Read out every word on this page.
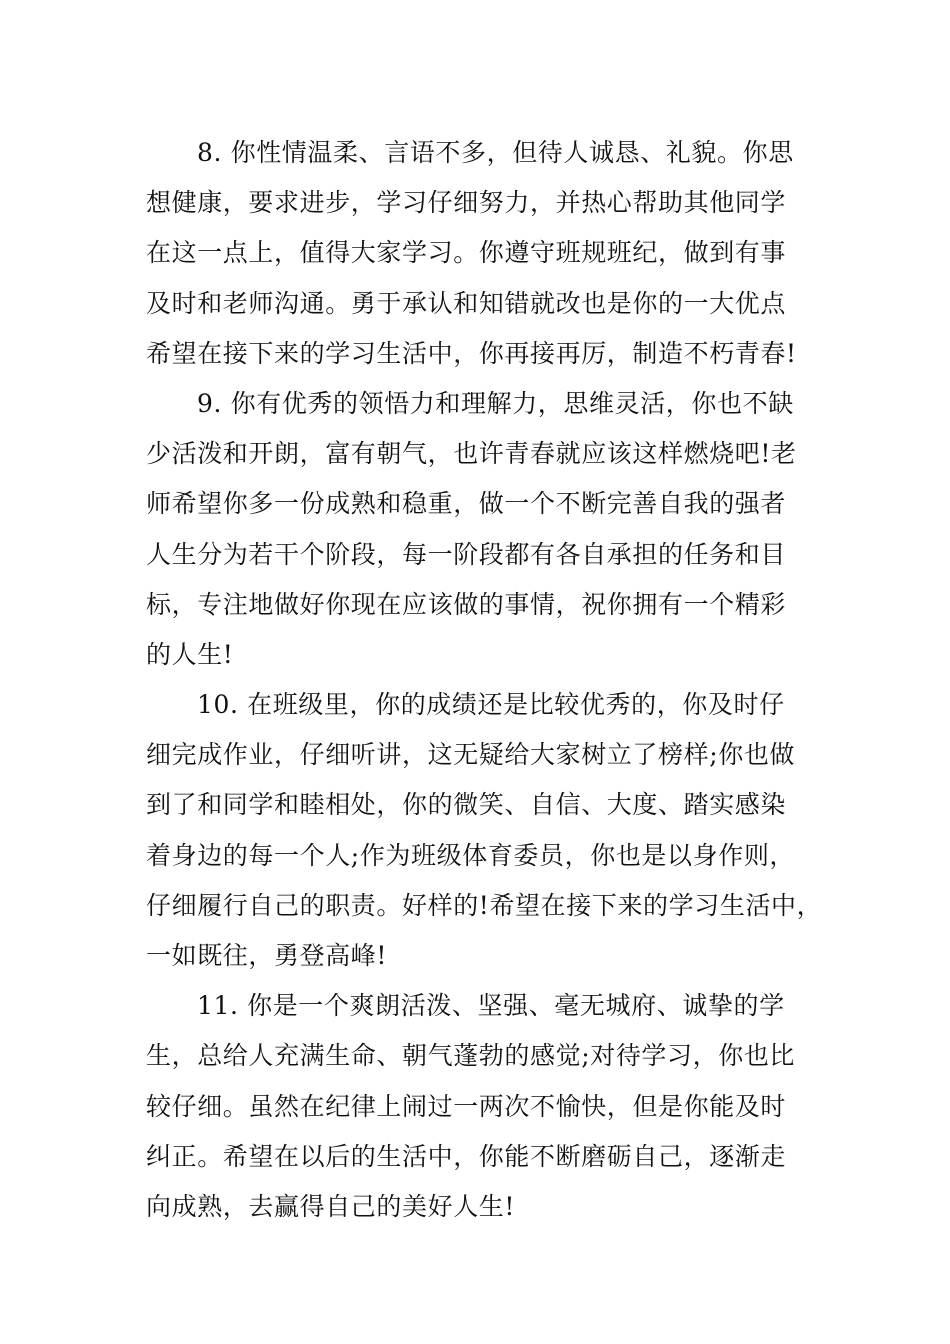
8. 你性情温柔、言语不多，但待人诚恳、礼貌。你思
想健康，要求进步，学习仔细努力，并热心帮助其他同学
在这一点上，值得大家学习。你遵守班规班纪，做到有事
及时和老师沟通。勇于承认和知错就改也是你的一大优点
希望在接下来的学习生活中，你再接再厉，制造不朽青春!
9. 你有优秀的领悟力和理解力，思维灵活，你也不缺
少活泼和开朗，富有朝气，也许青春就应该这样燃烧吧!老
师希望你多一份成熟和稳重，做一个不断完善自我的强者
人生分为若干个阶段，每一阶段都有各自承担的任务和目
标，专注地做好你现在应该做的事情，祝你拥有一个精彩
的人生!
10. 在班级里，你的成绩还是比较优秀的，你及时仔
细完成作业，仔细听讲，这无疑给大家树立了榜样;你也做
到了和同学和睦相处，你的微笑、自信、大度、踏实感染
着身边的每一个人;作为班级体育委员，你也是以身作则，
仔细履行自己的职责。好样的!希望在接下来的学习生活中，
一如既往，勇登高峰!
11. 你是一个爽朗活泼、坚强、毫无城府、诚挚的学
生，总给人充满生命、朝气蓬勃的感觉;对待学习，你也比
较仔细。虽然在纪律上闹过一两次不愉快，但是你能及时
纠正。希望在以后的生活中，你能不断磨砺自己，逐渐走
向成熟，去赢得自己的美好人生!
